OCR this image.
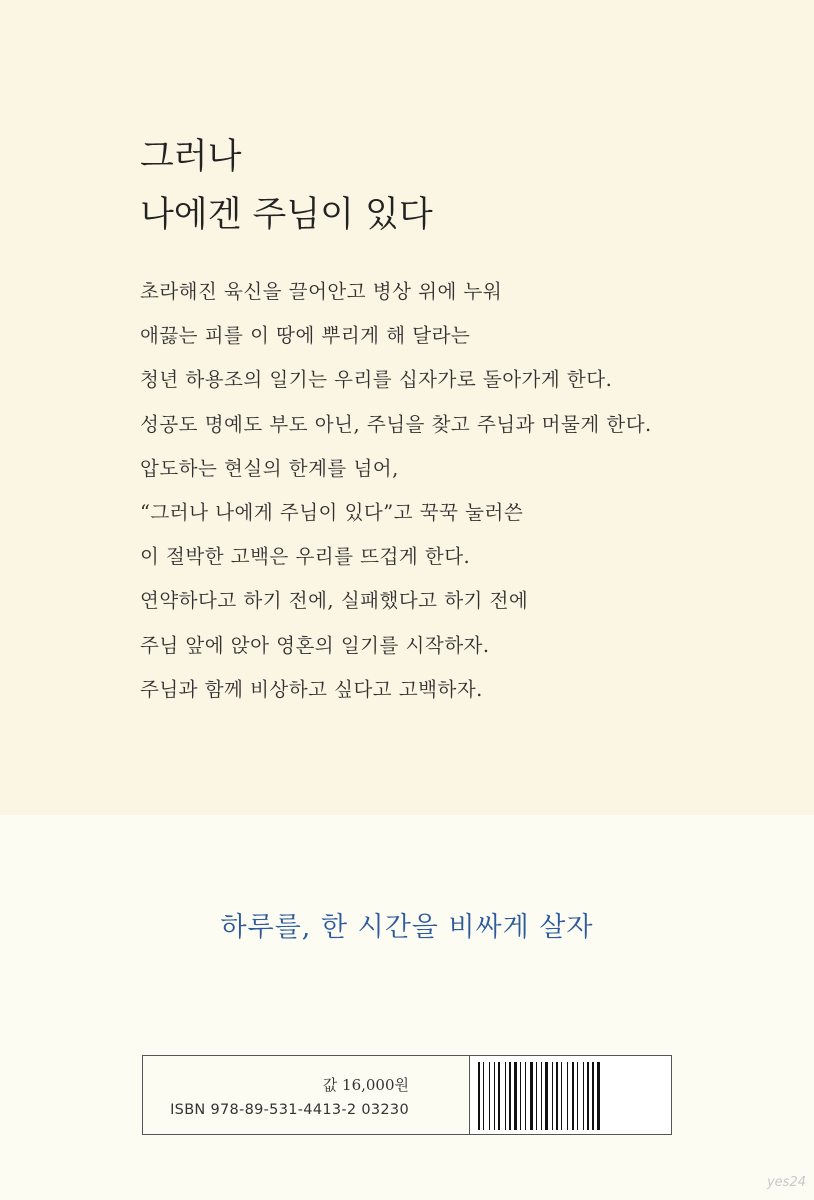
그러나
나에겐 주님이 있다
초라해진 육신을 끌어안고 병상 위에 누워
애끓는 피를 이 땅에 뿌리게 해 달라는
청년 하용조의 일기는 우리를 십자가로 돌아가게 한다.
성공도 명예도 부도 아닌, 주님을 찾고 주님과 머물게 한다.
압도하는 현실의 한계를 넘어,
“그러나 나에게 주님이 있다”고 꾹꾹 눌러쓴
이 절박한 고백은 우리를 뜨겁게 한다.
연약하다고 하기 전에, 실패했다고 하기 전에
주님 앞에 앉아 영혼의 일기를 시작하자.
주님과 함께 비상하고 싶다고 고백하자.
하루를, 한 시간을 비싸게 살자
값 16,000원
ISBN 978-89-531-4413-2 03230
yes24
